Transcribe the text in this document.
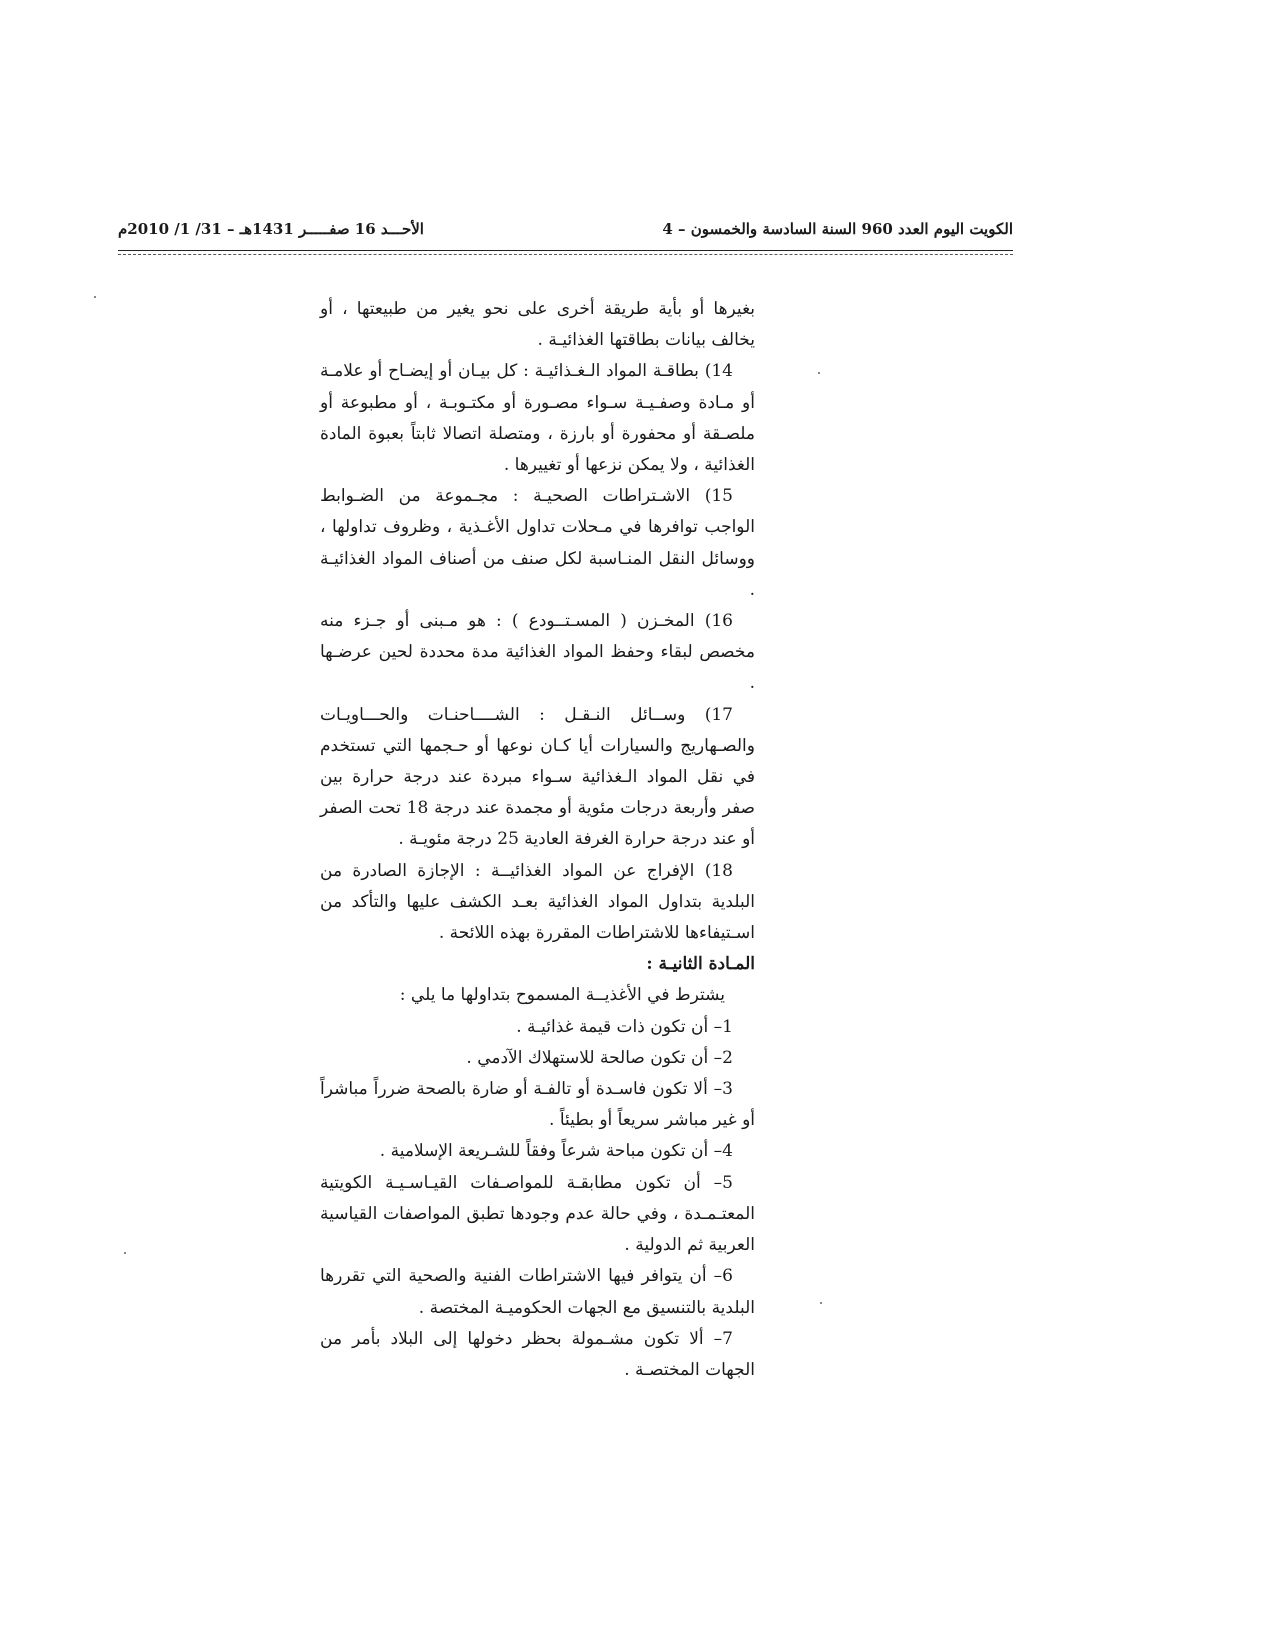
الكويت اليوم العدد 960 السنة السادسة والخمسون – 4
الأحـــد 16 صفـــــر 1431هـ – 31/ 1/ 2010م

بغيرها أو بأية طريقة أخرى على نحو يغير من طبيعتها ، أو يخالف بيانات بطاقتها الغذائيـة .

14) بطاقـة المواد الـغـذائيـة : كل بيـان أو إيضـاح أو علامـة أو مـادة وصفـيـة سـواء مصـورة أو مكتـوبـة ، أو مطبوعة أو ملصـقة أو محفورة أو بارزة ، ومتصلة اتصالا ثابتاً بعبوة المادة الغذائية ، ولا يمكن نزعها أو تغييرها .

15) الاشـتراطات الصحيـة : مجـموعة من الضـوابط الواجب توافرها في مـحلات تداول الأغـذية ، وظروف تداولها ، ووسائل النقل المنـاسبة لكل صنف من أصناف المواد الغذائيـة .

16) المخـزن ( المسـتــودع ) : هو مـبنى أو جـزء منه مخصص لبقاء وحفظ المواد الغذائية مدة محددة لحين عرضـها .

17) وســائل النـقـل : الشــــاحنـات والحـــاويـات والصـهاريج والسيارات أيا كـان نوعها أو حـجمها التي تستخدم في نقل المواد الـغذائية سـواء مبردة عند درجة حرارة بين صفر وأربعة درجات مئوية أو مجمدة عند درجة 18 تحت الصفر أو عند درجة حرارة الغرفة العادية 25 درجة مئويـة .

18) الإفراج عن المواد الغذائيــة : الإجازة الصادرة من البلدية بتداول المواد الغذائية بعـد الكشف عليها والتأكد من اسـتيفاءها للاشتراطات المقررة بهذه اللائحة .

المـادة الثانيـة :

يشترط في الأغذيــة المسموح بتداولها ما يلي :

1– أن تكون ذات قيمة غذائيـة .

2– أن تكون صالحة للاستهلاك الآدمي .

3– ألا تكون فاسـدة أو تالفـة أو ضارة بالصحة ضرراً مباشراً أو غير مباشر سريعاً أو بطيئاً .

4– أن تكون مباحة شرعاً وفقاً للشـريعة الإسلامية .

5– أن تكون مطابقـة للمواصـفات القيـاسـيـة الكويتية المعتـمـدة ، وفي حالة عدم وجودها تطبق المواصفات القياسية العربية ثم الدولية .

6– أن يتوافر فيها الاشتراطات الفنية والصحية التي تقررها البلدية بالتنسيق مع الجهات الحكوميـة المختصة .

7– ألا تكون مشـمولة بحظر دخولها إلى البلاد بأمر من الجهات المختصـة .
